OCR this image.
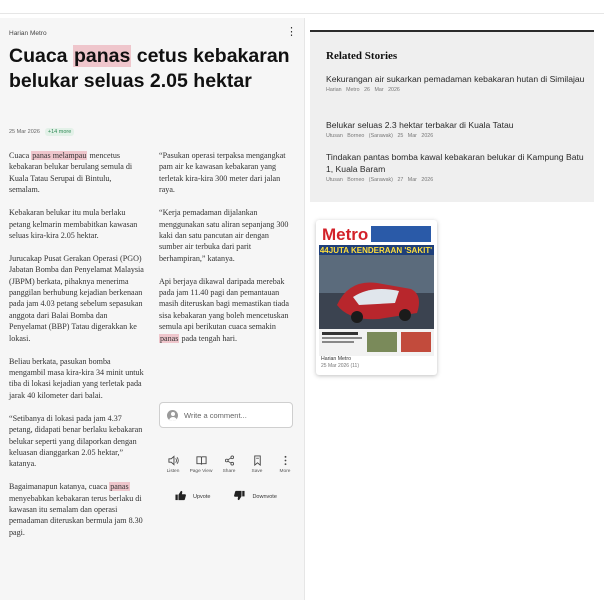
Harian Metro	⋮
Cuaca panas cetus kebakaran belukar seluas 2.05 hektar
25 Mar 2026	+14 more

Cuaca panas melampau mencetus kebakaran belukar berulang semula di Kuala Tatau Serupai di Bintulu, semalam.

Kebakaran belukar itu mula berlaku petang kelmarin membabitkan kawasan seluas kira-kira 2.05 hektar.

Jurucakap Pusat Gerakan Operasi (PGO) Jabatan Bomba dan Penyelamat Malaysia (JBPM) berkata, pihaknya menerima panggilan berhubung kejadian berkenaan pada jam 4.03 petang sebelum sepasukan anggota dari Balai Bomba dan Penyelamat (BBP) Tatau digerakkan ke lokasi.

Beliau berkata, pasukan bomba mengambil masa kira-kira 34 minit untuk tiba di lokasi kejadian yang terletak pada jarak 40 kilometer dari balai.

“Setibanya di lokasi pada jam 4.37 petang, didapati benar berlaku kebakaran belukar seperti yang dilaporkan dengan keluasan dianggarkan 2.05 hektar,” katanya.

Bagaimanapun katanya, cuaca panas menyebabkan kebakaran terus berlaku di kawasan itu semalam dan operasi pemadaman diteruskan bermula jam 8.30 pagi.

“Pasukan operasi terpaksa mengangkat pam air ke kawasan kebakaran yang terletak kira-kira 300 meter dari jalan raya.

“Kerja pemadaman dijalankan menggunakan satu aliran sepanjang 300 kaki dan satu pancutan air dengan sumber air terbuka dari parit berhampiran,” katanya.

Api berjaya dikawal daripada merebak pada jam 11.40 pagi dan pemantauan masih diteruskan bagi memastikan tiada sisa kebakaran yang boleh mencetuskan semula api berikutan cuaca semakin panas pada tengah hari.

Write a comment...
Listen Page View Share	Save	More
Upvote	Downvote
Related Stories
Kekurangan air sukarkan pemadaman kebakaran hutan di Similajau
Harian Metro 26 Mar 2026
Belukar seluas 2.3 hektar terbakar di Kuala Tatau
Utusan Borneo (Sarawak) 25 Mar 2026
Tindakan pantas bomba kawal kebakaran belukar di Kampung Batu 1, Kuala Baram
Utusan Borneo (Sarawak) 27 Mar 2026
Metro
44JUTA KENDERAAN 'SAKIT'
Harian Metro
25 Mar 2026 (11)
